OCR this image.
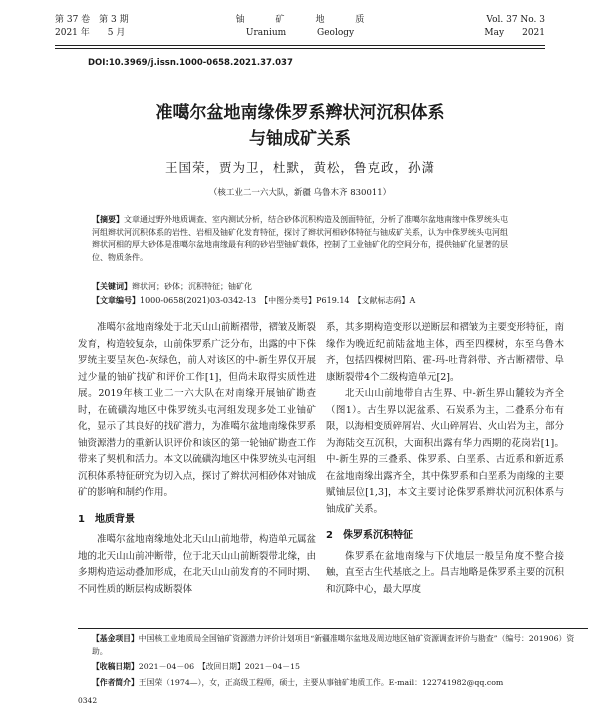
第 37 卷　第 3 期
2021 年　　5 月
铀	矿	地	质
Uranium	Geology
Vol. 37 No. 3
May　　2021
DOI:10.3969/j.issn.1000-0658.2021.37.037
准噶尔盆地南缘侏罗系辫状河沉积体系
与铀成矿关系
王国荣，贾为卫，杜默，黄松，鲁克政，孙潇
（核工业二一六大队，新疆 乌鲁木齐 830011）
【摘要】文章通过野外地质调查、室内测试分析，结合砂体沉积构造及剖面特征，分析了准噶尔盆地南缘中侏罗统头屯河组辫状河沉积体系的岩性、岩相及铀矿化发育特征，探讨了辫状河相砂体特征与铀成矿关系，认为中侏罗统头屯河组辫状河相的厚大砂体是准噶尔盆地南缘最有利的砂岩型铀矿载体，控制了工业铀矿化的空间分布，提供铀矿化显著的层位、物质条件。
【关键词】辫状河；砂体；沉积特征；铀矿化
【文章编号】1000-0658(2021)03-0342-13　【中图分类号】P619.14　【文献标志码】A

准噶尔盆地南缘处于北天山山前断褶带，褶皱及断裂发育，构造较复杂，山前侏罗系广泛分布，出露的中下侏罗统主要呈灰色-灰绿色，前人对该区的中-新生界仅开展过少量的铀矿找矿和评价工作[1]，但尚未取得实质性进展。2019年核工业二一六大队在对南缘开展铀矿勘查时，在硫磺沟地区中侏罗统头屯河组发现多处工业铀矿化，显示了其良好的找矿潜力，为准噶尔盆地南缘侏罗系铀资源潜力的重新认识评价和该区的第一轮铀矿勘查工作带来了契机和活力。本文以硫磺沟地区中侏罗统头屯河组沉积体系特征研究为切入点，探讨了辫状河相砂体对铀成矿的影响和制约作用。

1　地质背景

准噶尔盆地南缘地处北天山山前地带，构造单元属盆地的北天山山前冲断带，位于北天山山前断裂带北缘，由多期构造运动叠加形成，在北天山山前发育的不同时期、不同性质的断层构成断裂体

系，其多期构造变形以逆断层和褶皱为主要变形特征，南缘作为晚近纪前陆盆地主体，西至四棵树，东至乌鲁木齐，包括四棵树凹陷、霍-玛-吐背斜带、齐古断褶带、阜康断裂带4个二级构造单元[2]。

北天山山前地带自古生界、中-新生界山麓较为齐全（图1）。古生界以泥盆系、石炭系为主，二叠系分布有限，以海相变质碎屑岩、火山碎屑岩、火山岩为主，部分为海陆交互沉积，大面积出露有华力西期的花岗岩[1]。中-新生界的三叠系、侏罗系、白垩系、古近系和新近系在盆地南缘出露齐全，其中侏罗系和白垩系为南缘的主要赋铀层位[1,3]，本文主要讨论侏罗系辫状河沉积体系与铀成矿关系。

2　侏罗系沉积特征

侏罗系在盆地南缘与下伏地层一般呈角度不整合接触，直至古生代基底之上。昌吉地略是侏罗系主要的沉积和沉降中心，最大厚度

【基金项目】中国核工业地质局全国铀矿资源潜力评价计划项目“新疆准噶尔盆地及周边地区铀矿资源调查评价与勘查”（编号：201906）资助。
【收稿日期】2021－04－06　【改回日期】2021－04－15
【作者简介】王国荣（1974—），女，正高级工程师，硕士，主要从事铀矿地质工作。E-mail：122741982@qq.com
0342
